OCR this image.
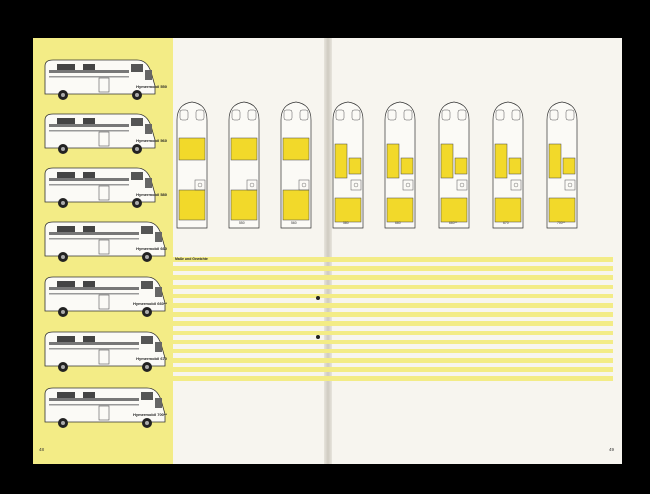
Hymermobil 550
Hymermobil 560
Hymermobil 580
Hymermobil 660
Hymermobil 660**
Hymermobil 670
Hymermobil 700**
48	49
550	560	580	660	660**	670	700**
Maße und Gewichte
